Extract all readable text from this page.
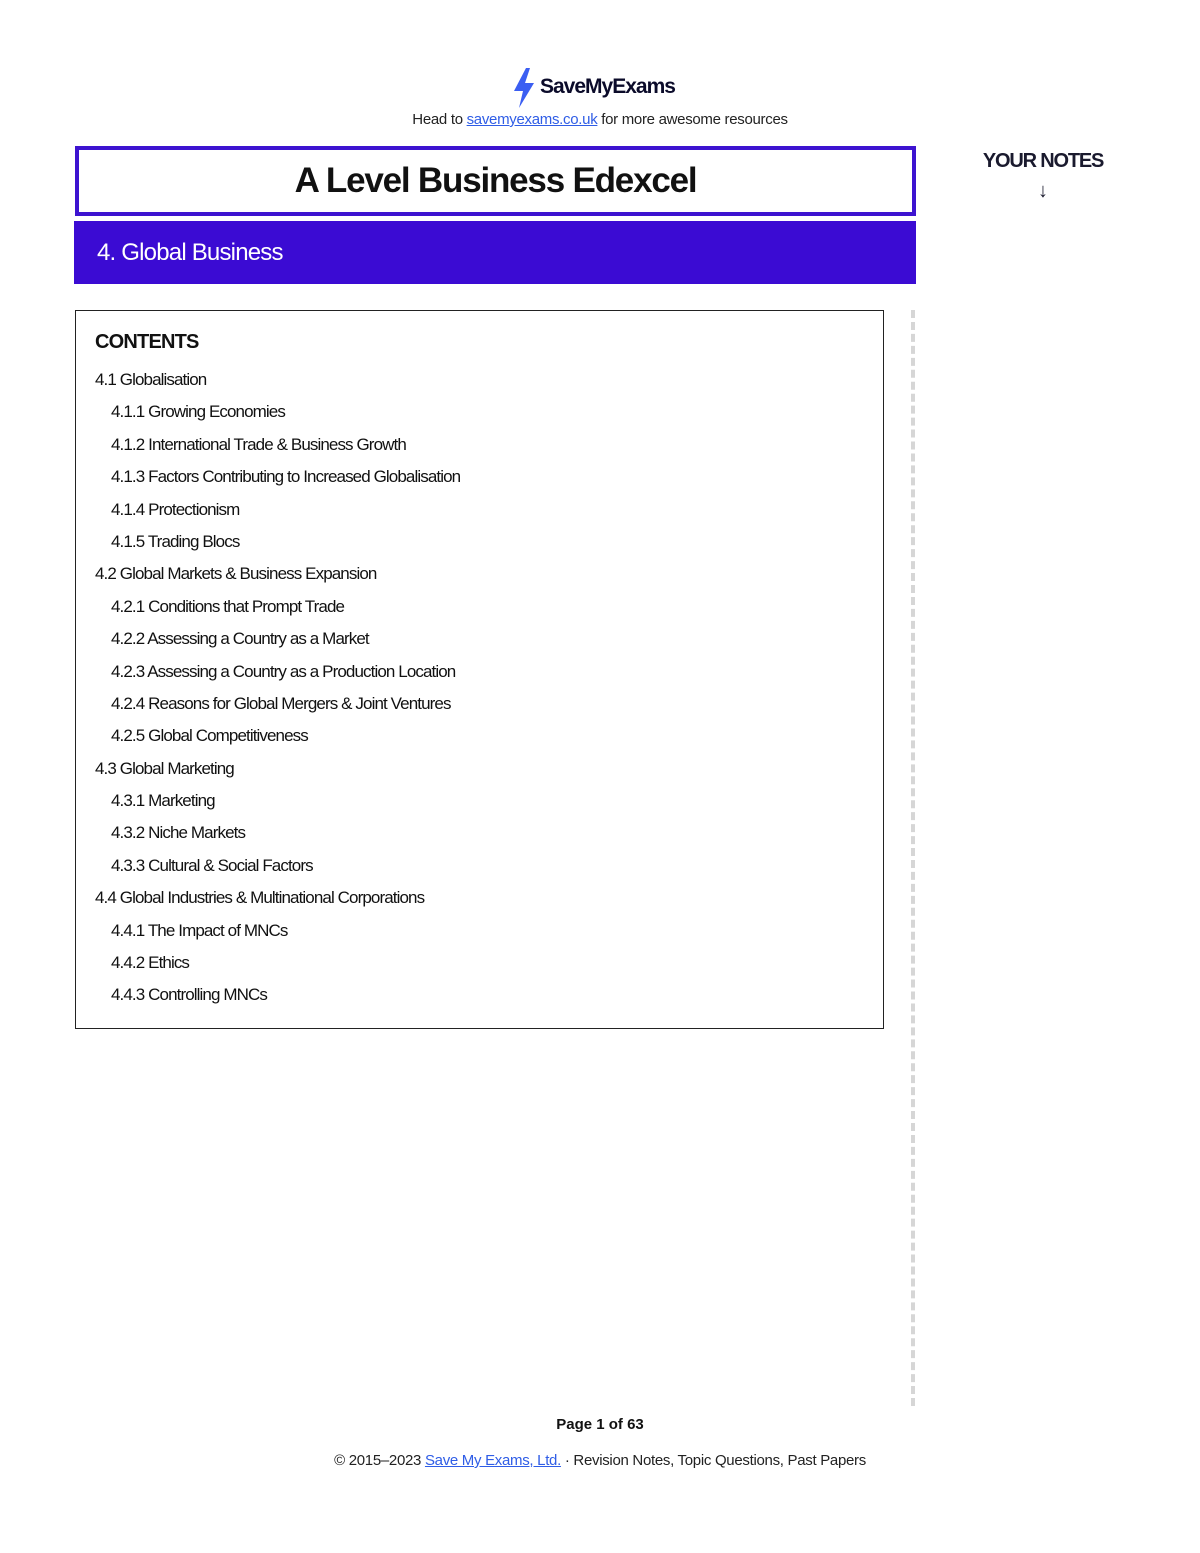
SaveMyExams
Head to savemyexams.co.uk for more awesome resources
A Level Business Edexcel
4. Global Business
YOUR NOTES
↓
CONTENTS
4.1 Globalisation
4.1.1 Growing Economies
4.1.2 International Trade & Business Growth
4.1.3 Factors Contributing to Increased Globalisation
4.1.4 Protectionism
4.1.5 Trading Blocs
4.2 Global Markets & Business Expansion
4.2.1 Conditions that Prompt Trade
4.2.2 Assessing a Country as a Market
4.2.3 Assessing a Country as a Production Location
4.2.4 Reasons for Global Mergers & Joint Ventures
4.2.5 Global Competitiveness
4.3 Global Marketing
4.3.1 Marketing
4.3.2 Niche Markets
4.3.3 Cultural & Social Factors
4.4 Global Industries & Multinational Corporations
4.4.1 The Impact of MNCs
4.4.2 Ethics
4.4.3 Controlling MNCs
Page 1 of 63
© 2015–2023 Save My Exams, Ltd. · Revision Notes, Topic Questions, Past Papers
